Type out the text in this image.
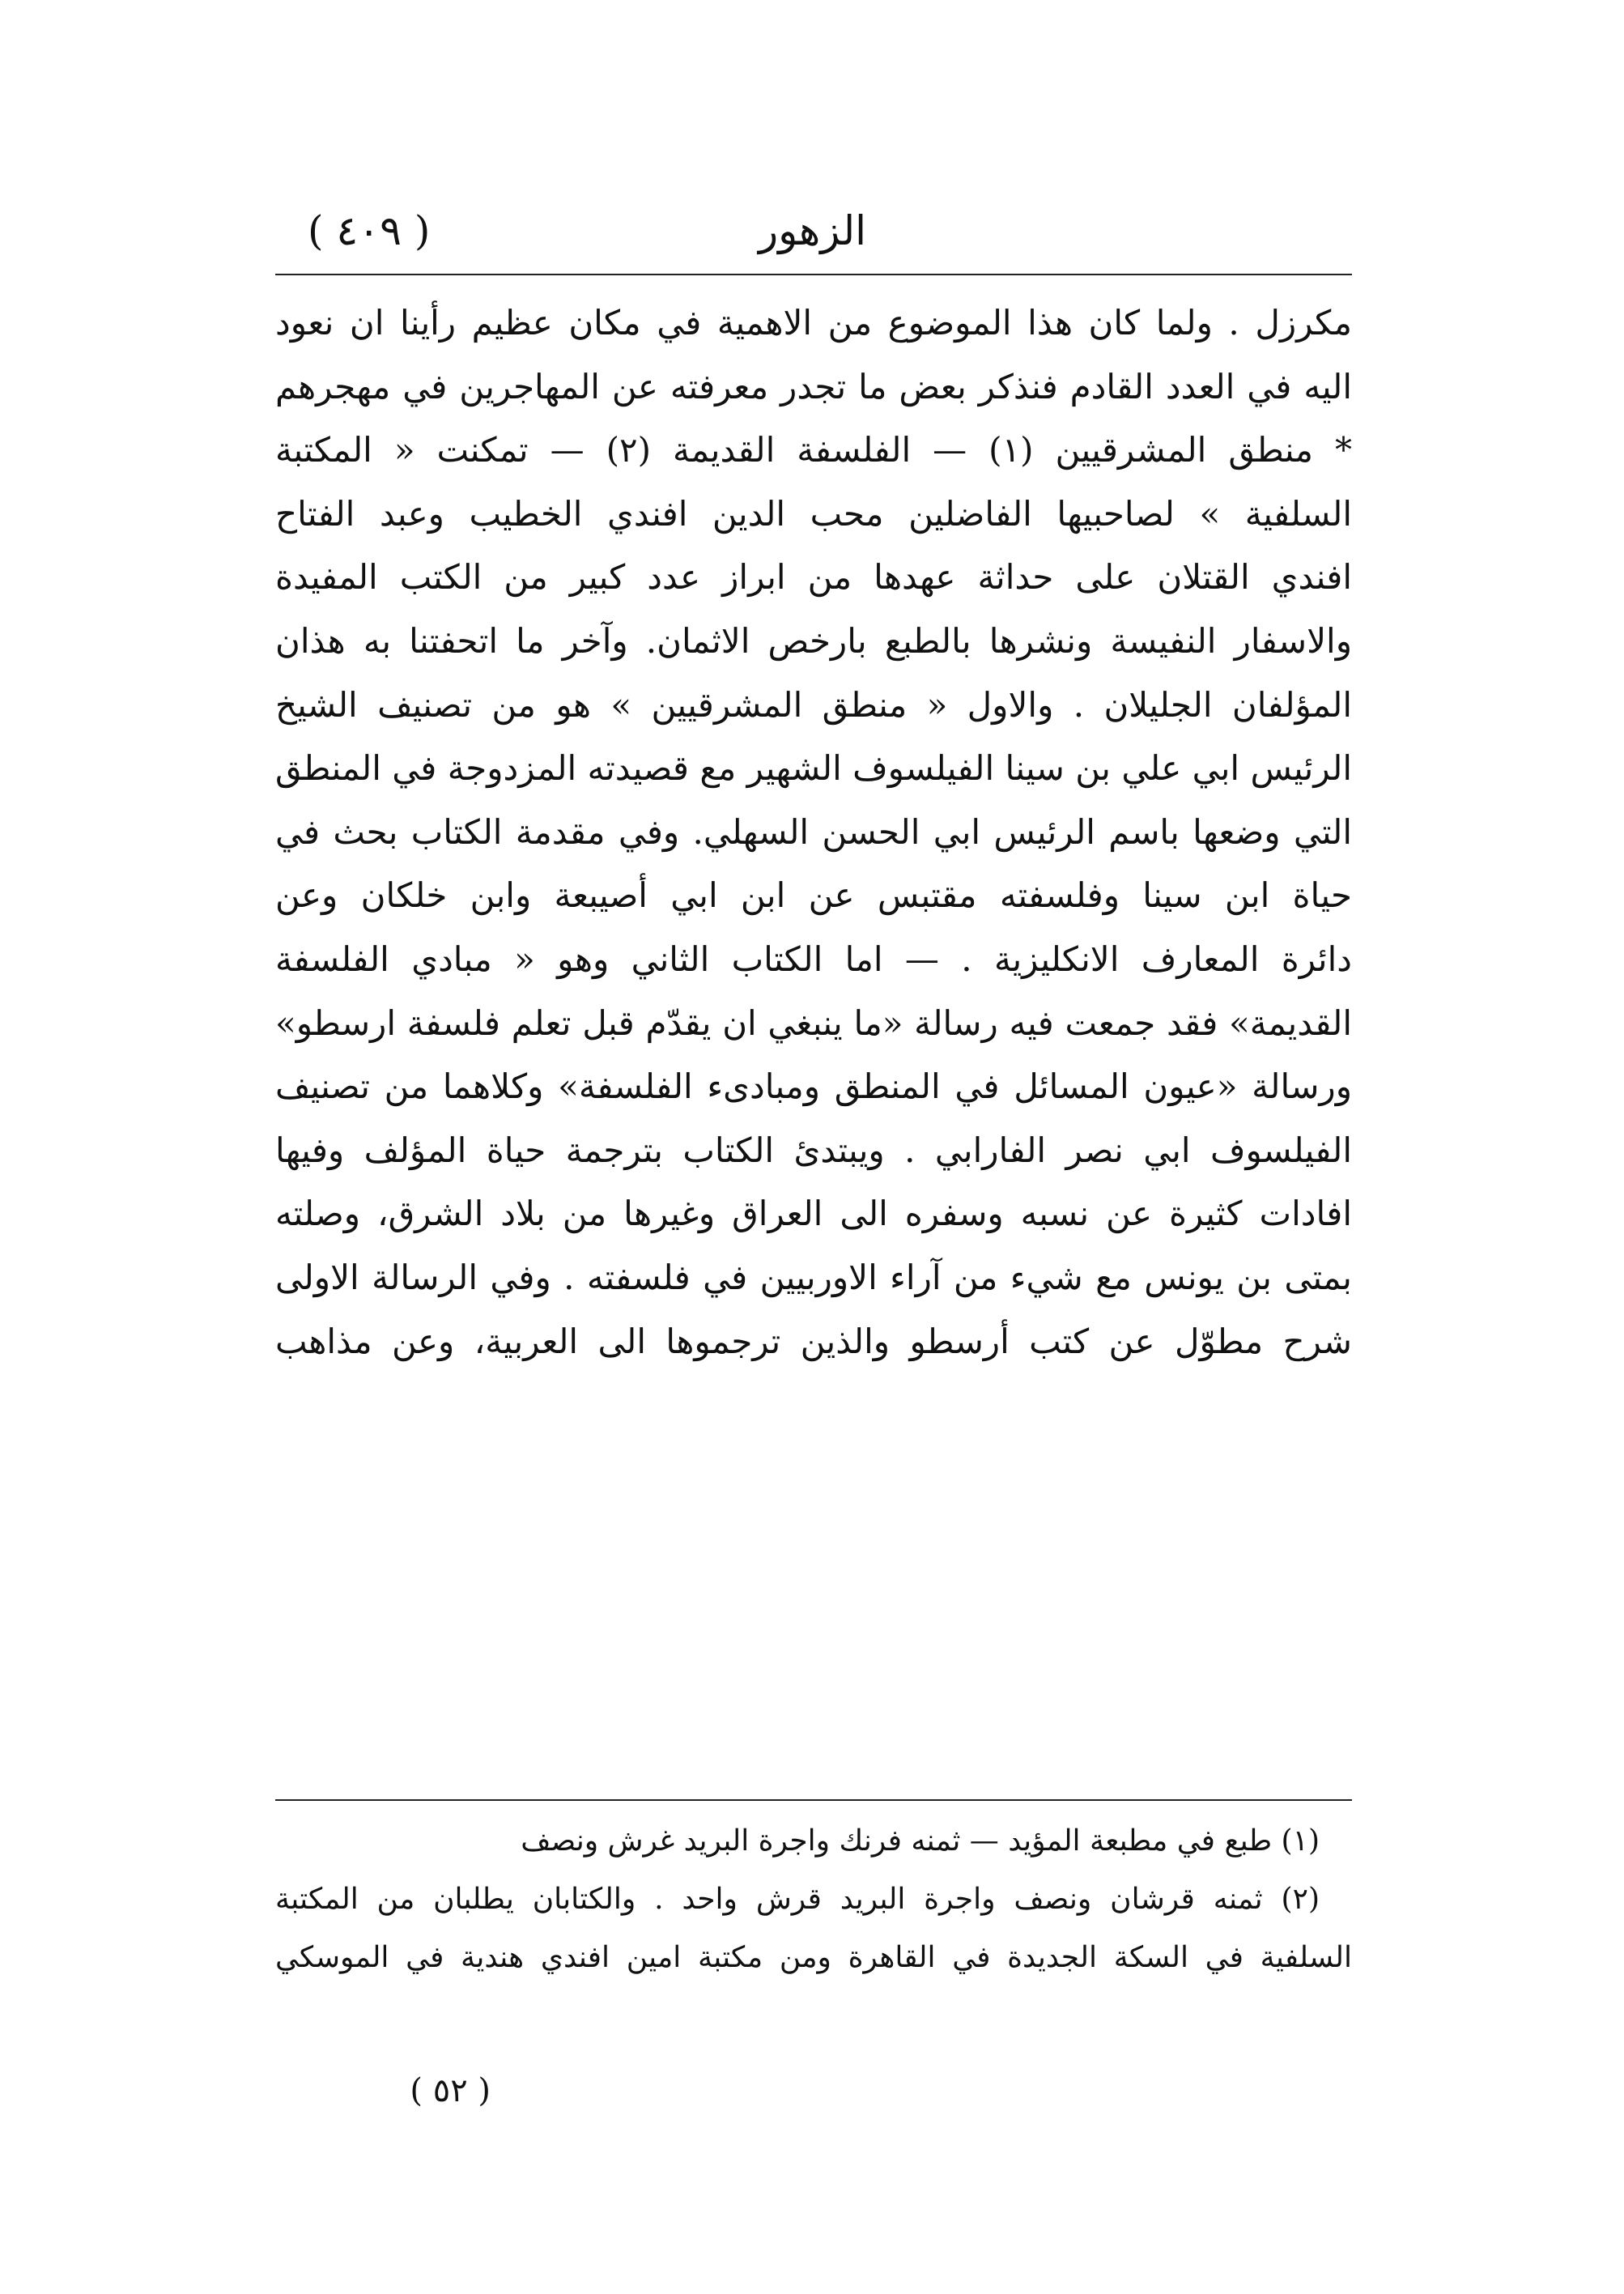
الزهور
( ٤٠٩ )
مكرزل . ولما كان هذا الموضوع من الاهمية في مكان عظيم رأينا ان نعود
اليه في العدد القادم فنذكر بعض ما تجدر معرفته عن المهاجرين في مهجرهم
* منطق المشرقيين (١) — الفلسفة القديمة (٢) — تمكنت « المكتبة
السلفية » لصاحبيها الفاضلين محب الدين افندي الخطيب وعبد الفتاح
افندي القتلان على حداثة عهدها من ابراز عدد كبير من الكتب المفيدة
والاسفار النفيسة ونشرها بالطبع بارخص الاثمان. وآخر ما اتحفتنا به هذان
المؤلفان الجليلان . والاول « منطق المشرقيين » هو من تصنيف الشيخ
الرئيس ابي علي بن سينا الفيلسوف الشهير مع قصيدته المزدوجة في المنطق
التي وضعها باسم الرئيس ابي الحسن السهلي. وفي مقدمة الكتاب بحث في
حياة ابن سينا وفلسفته مقتبس عن ابن ابي أصيبعة وابن خلكان وعن
دائرة المعارف الانكليزية . — اما الكتاب الثاني وهو « مبادي الفلسفة
القديمة» فقد جمعت فيه رسالة «ما ينبغي ان يقدّم قبل تعلم فلسفة ارسطو»
ورسالة «عيون المسائل في المنطق ومبادىء الفلسفة» وكلاهما من تصنيف
الفيلسوف ابي نصر الفارابي . ويبتدئ الكتاب بترجمة حياة المؤلف وفيها
افادات كثيرة عن نسبه وسفره الى العراق وغيرها من بلاد الشرق، وصلته
بمتى بن يونس مع شيء من آراء الاوربيين في فلسفته . وفي الرسالة الاولى
شرح مطوّل عن كتب أرسطو والذين ترجموها الى العربية، وعن مذاهب
(١) طبع في مطبعة المؤيد — ثمنه فرنك واجرة البريد غرش ونصف
(٢) ثمنه قرشان ونصف واجرة البريد قرش واحد . والكتابان يطلبان من المكتبة
السلفية في السكة الجديدة في القاهرة ومن مكتبة امين افندي هندية في الموسكي
( ٥٢ )
